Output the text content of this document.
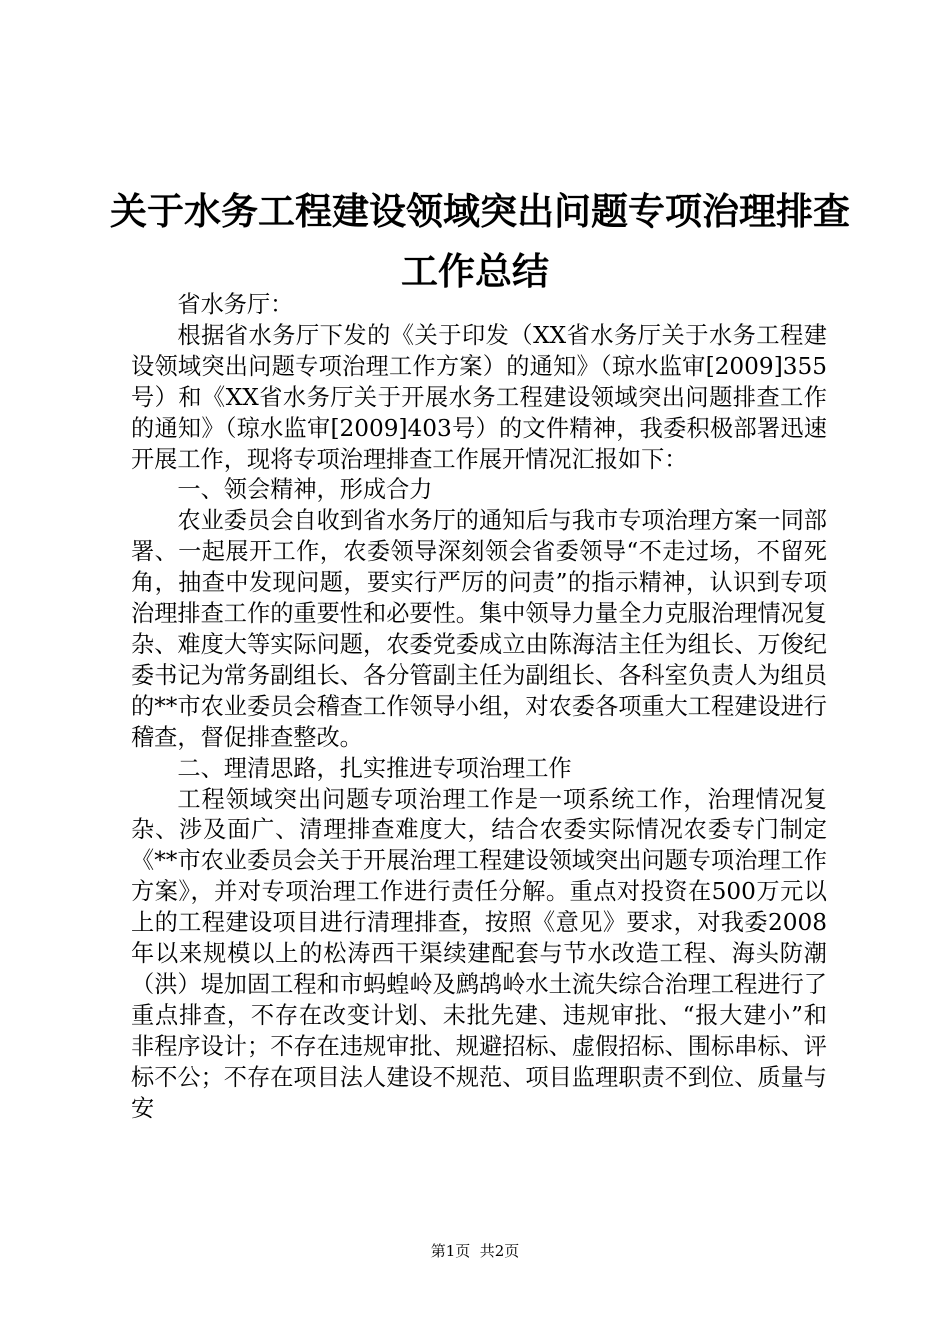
关于水务工程建设领域突出问题专项治理排查
工作总结

省水务厅：

根据省水务厅下发的《关于印发（XX省水务厅关于水务工程建设领域突出问题专项治理工作方案）的通知》（琼水监审[2009]355号）和《XX省水务厅关于开展水务工程建设领域突出问题排查工作的通知》（琼水监审[2009]403号）的文件精神，我委积极部署迅速开展工作，现将专项治理排查工作展开情况汇报如下：

一、领会精神，形成合力

农业委员会自收到省水务厅的通知后与我市专项治理方案一同部署、一起展开工作，农委领导深刻领会省委领导“不走过场，不留死角，抽查中发现问题，要实行严厉的问责”的指示精神，认识到专项治理排查工作的重要性和必要性。集中领导力量全力克服治理情况复杂、难度大等实际问题，农委党委成立由陈海洁主任为组长、万俊纪委书记为常务副组长、各分管副主任为副组长、各科室负责人为组员的**市农业委员会稽查工作领导小组，对农委各项重大工程建设进行稽查，督促排查整改。

二、理清思路，扎实推进专项治理工作

工程领域突出问题专项治理工作是一项系统工作，治理情况复杂、涉及面广、清理排查难度大，结合农委实际情况农委专门制定《**市农业委员会关于开展治理工程建设领域突出问题专项治理工作方案》，并对专项治理工作进行责任分解。重点对投资在500万元以上的工程建设项目进行清理排查，按照《意见》要求，对我委2008年以来规模以上的松涛西干渠续建配套与节水改造工程、海头防潮（洪）堤加固工程和市蚂蝗岭及鹧鸪岭水土流失综合治理工程进行了重点排查，不存在改变计划、未批先建、违规审批、“报大建小”和非程序设计；不存在违规审批、规避招标、虚假招标、围标串标、评标不公；不存在项目法人建设不规范、项目监理职责不到位、质量与安

第1页  共2页
